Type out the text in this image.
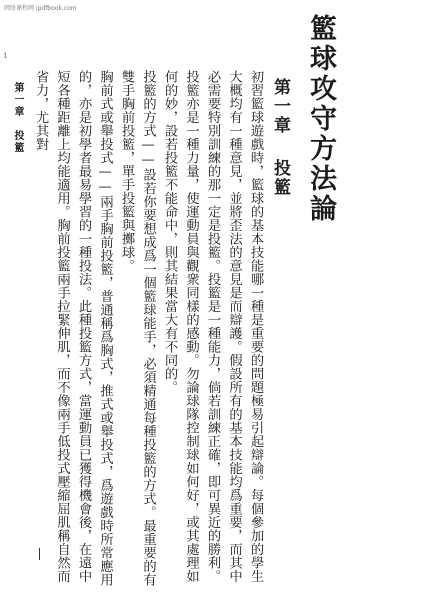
网络课程网 ipdfbook.com
1	籃球攻守方法論
第一章投籃

初習籃球遊戲時，籃球的基本技能哪一種是重要的問題極易引起辯論。每個參加的學生大概均有一種意見，並將歪法的意見是而辯護。假設所有的基本技能均爲重要，而其中必需要特別訓練的那一定是投籃。投籃是一種能力，倘若訓練正確，即可異近的勝利。投籃亦是一種力量，使運動員與觀衆同樣的感動。勿論球隊控制球如何好，或其處理如何的妙，設若投籃不能命中，則其結果當大有不同的。

投籃的方式——設若你要想成爲一個籃球能手，必須精通每種投籃的方式。最重要的有雙手胸前投籃，單手投籃與擲球。

胸前式或舉投式——兩手胸前投籃，普通稱爲胸式，推式或舉投式，爲遊戲時所常應用的，亦是初學者最易學習的一種投法。此種投籃方式，當運動員已獲得機會後，在遠中短各種距離上均能適用。胸前投籃兩手拉緊伸肌，而不像兩手低投式壓縮屈肌稱自然而省力，尤其對

第一章投籃
